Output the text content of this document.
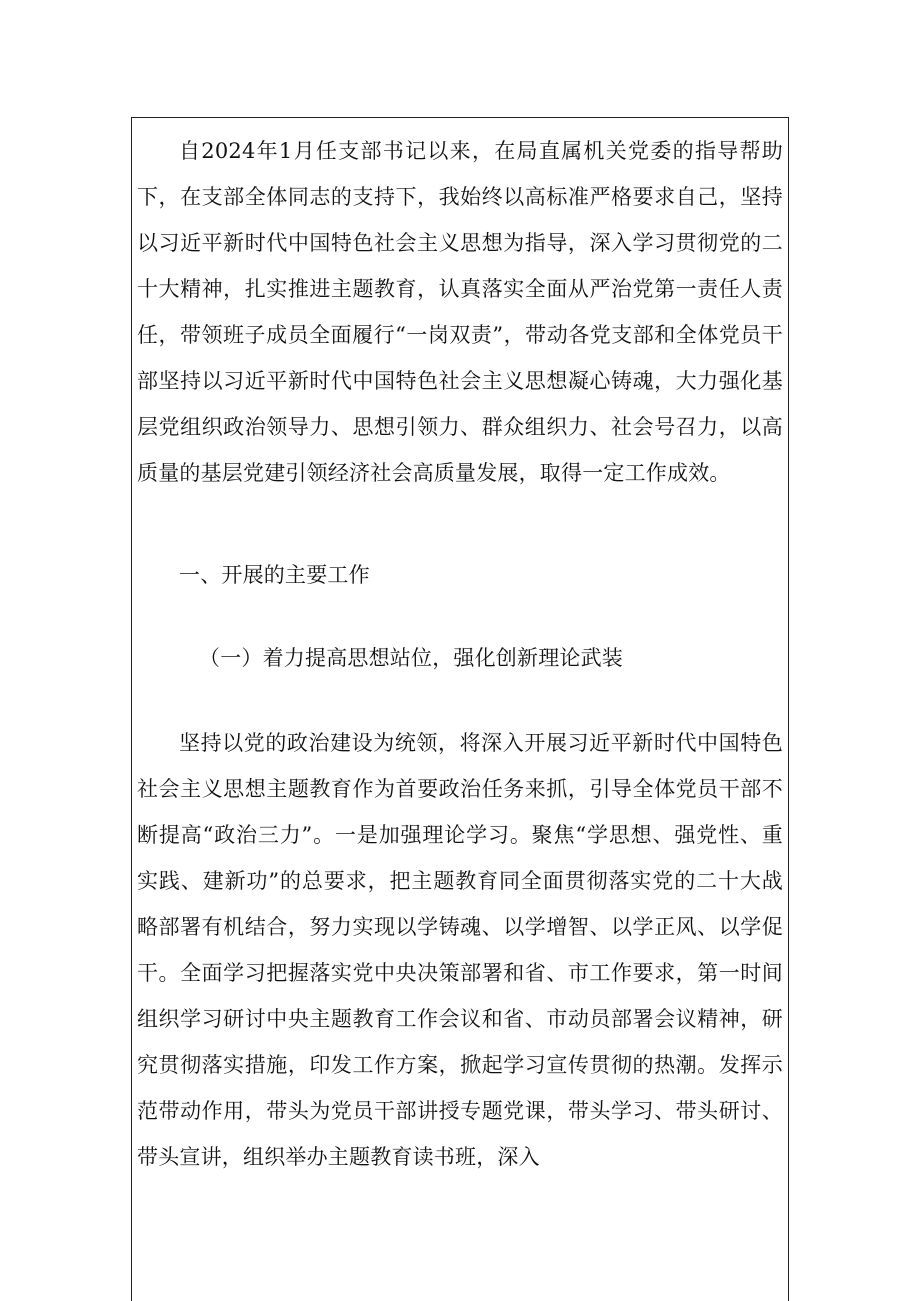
自2024年1月任支部书记以来，在局直属机关党委的指导帮助下，在支部全体同志的支持下，我始终以高标准严格要求自己，坚持以习近平新时代中国特色社会主义思想为指导，深入学习贯彻党的二十大精神，扎实推进主题教育，认真落实全面从严治党第一责任人责任，带领班子成员全面履行“一岗双责”，带动各党支部和全体党员干部坚持以习近平新时代中国特色社会主义思想凝心铸魂，大力强化基层党组织政治领导力、思想引领力、群众组织力、社会号召力，以高质量的基层党建引领经济社会高质量发展，取得一定工作成效。

一、开展的主要工作

（一）着力提高思想站位，强化创新理论武装

坚持以党的政治建设为统领，将深入开展习近平新时代中国特色社会主义思想主题教育作为首要政治任务来抓，引导全体党员干部不断提高“政治三力”。一是加强理论学习。聚焦“学思想、强党性、重实践、建新功”的总要求，把主题教育同全面贯彻落实党的二十大战略部署有机结合，努力实现以学铸魂、以学增智、以学正风、以学促干。全面学习把握落实党中央决策部署和省、市工作要求，第一时间组织学习研讨中央主题教育工作会议和省、市动员部署会议精神，研究贯彻落实措施，印发工作方案，掀起学习宣传贯彻的热潮。发挥示范带动作用，带头为党员干部讲授专题党课，带头学习、带头研讨、带头宣讲，组织举办主题教育读书班，深入
